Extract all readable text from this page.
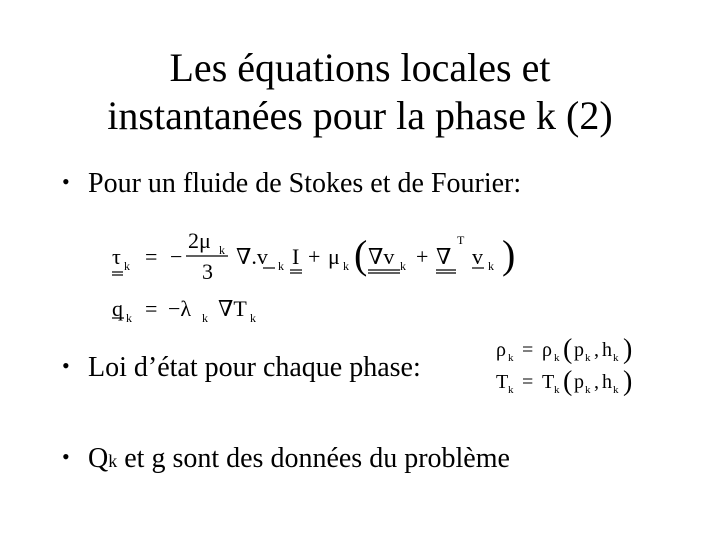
Les équations locales et
instantanées pour la phase k (2)
• Pour un fluide de Stokes et de Fourier:
τ k = −
2μ k
3
∇.v k I + μ k ( ∇v k + ∇
T
v k )
q k = −λ k ∇T k
• Loi d’état pour chaque phase:
ρ k = ρ k ( p k , h k )
T k = T k ( p k , h k )
• Qk et g sont des données du problème
